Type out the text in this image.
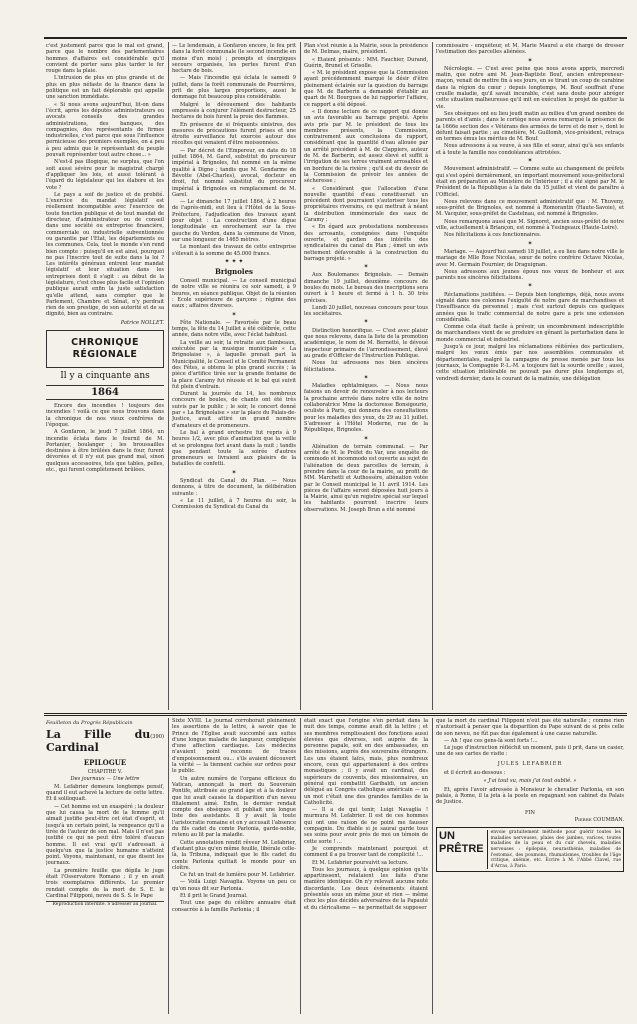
c'est justement parce que le mal est grand, parce que le nombre des parlementaires hommes d'affaires est considérable qu'il convient de porter sans plus tarder le fer rouge dans la plaie.

L'intrusion de plus en plus grande et de plus en plus néfaste de la finance dans la politique est un fait déplorable qui appelle une sanction immédiate.

« Si nous avons aujourd'hui, lit-on dans l'écrit, après les députés administrateurs ou avocats conseils des grandes administrations, des banques, des compagnies, des représentants de firmes industrielles, c'est parce que sous l'influence pernicieuse des premiers exemples, on a peu à peu admis que le représentant du peuple pouvait représenter tout autre chose... »

N'est-il pas illogique, ne surplus, que l'on soit aussi sévère pour le magistrat chargé d'appliquer les lois, et aussi tolérant à l'égard du législateur qui les élabore et les vote ?

Le pays a soif de justice et de probité. L'exercice du mandat législatif est réellement incompatible avec l'exercice de toute fonction publique et de tout mandat de directeur, d'administrateur ou de conseil dans une société ou entreprise financière, commerciale ou industrielle subventionnée ou garantie par l'Etat, les départements ou les communes. Cela, tout le monde s'en rend bien compte : puisqu'il en est ainsi, pourquoi ne pas l'inscrire tout de suite dans la loi ? Les intérêts généraux entrent leur mandat législatif et leur situation dans les entreprises dont il s'agit : au début de la législature, c'est chose plus facile et l'opinion publique aurait enfin la juste satisfaction qu'elle attend, sans compter que le Parlement, Chambre et Sénat, n'y perdrait rien de son prestige, de son autorité et de sa dignité, bien au contraire.

Patrice NOLLET.
CHRONIQUE RÉGIONALE
Il y a cinquante ans
1864

Encore des incendies ! toujours des incendies ! voilà ce que nous trouvons dans la chronique de nos vieux confrères de l'époque.

A Gonfaron, le jeudi 7 juillet 1864, un incendie éclata dans le fournil de M. Portanier, boulanger ; les broussailles destinées à être brûlées dans le four, furent dévorées et il n'y eut pas grand mal, sinon quelques accessoires, tels que tables, pelles, etc., qui furent complètement brûlées.

— Le lendemain, à Gonfaron encore, le feu prit dans la forêt communale (le second incendie en moins d'un mois) ; prompts et énergiques secours organisés, les pertes furent d'un hectare de bois.

— Mais l'incendie qui éclata le samedi 9 juillet, dans la forêt communale de Pourrières, prit de plus larges proportions, aussi le dommage fut beaucoup plus considérable.

Malgré le dévouement des habitants empressés à conjurer l'élément destructeur, 25 hectares de bois furent la proie des flammes.

En présence de si fréquents sinistres, des mesures de précautions furent prises et une étroite surveillance fut exercée autour des récoltes qui venaient d'être moissonnées.

— Par décret de l'Empereur, en date du 18 juillet 1864, M. Garel, substitut du procureur impérial à Brignoles, fut nommé en la même qualité à Digne ; tandis que M. Gendarme de Bévotte (Abel-Charles), avocat, docteur en droit, fut nommé substitut du procureur impérial à Brignoles en remplacement de M. Garel.

— Le dimanche 17 juillet 1864, à 2 heures de l'après-midi, eut lieu à l'Hôtel de la Sous-Préfecture, l'adjudication des travaux ayant pour objet : La construction d'une digue longitudinale en enrochement sur la rive gauche du Verdon, dans la commune de Vinon, sur une longueur de 1465 mètres.

Le montant des travaux de cette entreprise s'élevait à la somme de 45.000 francs.

✦ ✦ ✦
Brignoles

Conseil municipal. — Le conseil municipal de notre ville se réunira ce soir samedi, à 9 heures, en séance publique. Objet de la réunion : Ecole supérieure de garçons ; régime des eaux ; affaires diverses.

✶

Fête Nationale. — Favorisée par le beau temps, la fête du 14 Juillet a été célébrée, cette année, dans notre ville, avec l'éclat habituel.

La veille au soir, la retraite aux flambeaux, exécutée par la musique municipale « La Brignolaise », à laquelle prenait part la Municipalité, le Conseil et le Comité Permanent des Fêtes, a obtenu le plus grand succès ; la pièce d'artifice tirée sur la grande fontaine de la place Caramy fut réussie et le bal qui suivit fut plein d'entrain.

Durant la journée du 14, les nombreux concours de boules, de chants ont été très suivis par le public ; le soir, le concert donné par « La Brignolaise » sur la place du Palais-de-Justice, avait attiré un grand nombre d'amateurs et de promeneurs.

Le bal à grand orchestre fut repris à 9 heures 1/2, avec plus d'animation que la veille et se prolongea fort avant dans la nuit ; tandis que pendant toute la soirée d'autres promeneurs se livraient aux plaisirs de la batailles de confetti.

✶

Syndicat du Canal du Plan. — Nous donnons, à titre de document, la délibération suivante :

« Le 11 juillet, à 7 heures du soir, la Commission du Syndicat du Canal du

Plan s'est réunie à la Mairie, sous la présidence de M. Delmas, maire, président.

« Etaient présents : MM. Fauchier, Durand, Guérin, Brunel et Grisolle.

« M. le président expose que la Commission ayant précédemment marqué le désir d'être pleinement éclairée sur la question du barrage que M. de Barberin a demandé d'établir au quart de M. Bourgues de lui rapporter l'affaire, ce rapport a été déposé.

« Il donne lecture de ce rapport qui donne un avis favorable au barrage projeté. Après avis pris par M. le président de tous les membres présents, la Commission, contrairement aux conclusions du rapport, considérant que la quantité d'eau allouée par un arrêté précédent à M. de Clappiers, auteur de M. de Barberin, est assez élevé et suffit à l'irrigation de ses terres vraiment arrosables et en bordure de la rivière ; qu'il est du devoir de la Commission de prévoir les années de sécheresse ;

« Considérant que l'allocation d'une nouvelle quantité d'eau constituerait un précédent dont pourraient s'autoriser tous les propriétaires riverains, ce qui mettrait à néant la distribution immémoriale des eaux de Caramy ;

« En égard aux protestations nombreuses des arrosants, consignées dans l'enquête ouverte, et gardien des intérêts des syndicataires du canal du Plan ; émet un avis nettement défavorable à la construction du barrage projeté. »

✶

Aux Boulomanes Brignolais. — Demain dimanche 19 juillet, deuxième concours de boules du mois. Le bureau des inscriptions sera ouvert à 1 heure et fermé à 1 h. 30 très précises.

Lundi 20 juillet, nouveau concours pour tous les sociétaires.

✶

Distinction honorifique. — C'est avec plaisir que nous relevons, dans la liste de la promotion académique, le nom de M. Bernetté, le dévoué inspecteur primaire de l'arrondissement, élevé au grade d'Officier de l'Instruction Publique.

Nous lui adressons nos bien sincères félicitations.

✶

Maladies ophtalmiques. — Nous nous faisons un devoir de renouveler à nos lecteurs la prochaine arrivée dans notre ville de notre collaboratrice Mme la doctoresse Bonsigourio, oculiste à Paris, qui donnera des consultations pour les maladies des yeux, du 29 au 31 juillet. S'adresser à l'Hôtel Moderne, rue de la République, Brignoles.

✶

Aliénation de terrain communal. — Par arrêté de M. le Préfet du Var, une enquête de commodo et incommodo est ouverte au sujet de l'aliénation de deux parcelles de terrain, à prendre dans la cour de la mairie, au profit de MM. Marchetti et Authossère, aliénation votée par le Conseil municipal le 11 avril 1914. Les pièces de l'affaire seront déposées huit jours à la Mairie, ainsi qu'un registre spécial sur lequel les habitants pourront inscrire leurs observations. M. Joseph Brun a été nommé

commissaire - enquêteur, et M. Marie Maurel a été chargé de dresser l'estimation des parcelles aliénées.

✶

Nécrologie. — C'est avec peine que nous avons appris, mercredi matin, que notre ami M. Jean-Baptiste Bouf, ancien entrepreneur-maçon, venait de mettre fin à ses jours, en se tirant un coup de carabine dans la région du cœur ; depuis longtemps, M. Bouf souffrait d'une cruelle maladie, qu'il savait incurable, c'est sans doute pour abréger cette situation malheureuse qu'il mit en exécution le projet de quitter la vie.

Ses obsèques ont eu lieu jeudi matin au milieu d'un grand nombre de parents et d'amis ; dans le cortège nous avons remarqué la présence de la 1666e section des « Vétérans des armées de terre et de mer », dont le défunt faisait partie ; au cimetière, M. Guillomh, vice-président, retraça en termes émus les mérites de M. Bouf.

Nous adressons à sa veuve, à ses fille et sœur, ainsi qu'à ses enfants et à toute la famille nos condoléances attristées.

✶

Mouvement administratif. — Comme suite au changement de préfets qui s'est opéré dernièrement, un important mouvement sous-préfectoral était en préparation au Ministère de l'Intérieur ; il a été signé par M. le Président de la République à la date du 15 juillet et vient de paraître à l'Officiel.

Nous relevons dans ce mouvement administratif que : M. Thuveny, sous-préfet de Brignoles, est nommé à Romorantin (Haute-Savoie), et M. Vacquier, sous-préfet de Castelnau, est nommé à Brignoles.

Nous remarquons aussi que M. Signoret, ancien sous-préfet de notre ville, actuellement à Briançon, est nommé à Yssingeaux (Haute-Loire).

Nos félicitations à ces fonctionnaires.

✶

Mariage. — Aujourd'hui samedi 18 juillet, a eu lieu dans notre ville le mariage de Mlle Rose Nicolas, sœur de notre confrère Octave Nicolas, avec M. Germain Fournier, de Draguignan.

Nous adressons aux jeunes époux nos vœux de bonheur et aux parents nos sincères félicitations.

✶

Réclamations justifiées. — Depuis bien longtemps, déjà, nous avons signalé dans nos colonnes l'exiguïté de notre gare de marchandises et l'insuffisance du personnel ; mais c'est surtout depuis ces quelques années que le trafic commercial de notre gare a pris une extension considérable.

Comme cela était facile à prévoir, un encombrement indescriptible de marchandises vient de se produire en gênant la perturbation dans le monde commercial et industriel.

Jusqu'à ce jour, malgré les réclamations réitérées des particuliers, malgré les vœux émis par nos assemblées communales et départementales, malgré la campagne de presse menée par tous les journaux, la Compagnie P.-L.-M. a toujours fait la sourde oreille ; aussi, cette situation intolérable ne pouvait pas durer plus longtemps et, vendredi dernier, dans le courant de la matinée, une délégation

Feuilleton du Progrès Républicain
La Fille du Cardinal
(390)
EPILOGUE
CHAPITRE V.
Des journaux — Une lettre

M. Lefabrier demeura longtemps pensif, quand il eut achevé la lecture de cette lettre. Et il soliloquait.

— Cet homme est un exaspéré ; la douleur que lui causa la mort de la femme qu'il aimait justifie peut-être cet état d'esprit, et jusqu'à un certain point, la vengeance qu'il a tirée de l'auteur de son mal. Mais il n'est pas justifié ce qui ne peut être toléré d'aucun homme. Il est vrai qu'il s'adressait à quelqu'un que la justice humaine n'atteint point. Voyons, maintenant, ce que disent les journaux.

La première feuille que dépila le juge était l'Osservatore Romano ; il y en avait trois exemplaires différents. Le premier rendait compte de la mort de S. E. le Cardinal Filipponi, neveu de S. S. le Pape

Reproduction interdite. S'adresser au journal.

Sixte XVIII. Le journal corroborait pleinement les assertions de la lettre, à savoir que le Prince de l'Eglise avait succombé aux suites d'une longue maladie de langueur, compliquée d'une affection cardiaque. Les médecins n'avaient point reconnu de traces d'empoisonnement ou... s'ils avaient découvert la vérité — la tiennent cachée sur ordres pour le public.

Un autre numéro de l'organe officieux du Vatican, annonçait la mort du Souverain Pontife, attribuée au grand âge et à la douleur que lui avait causée la disparition d'un neveu filialement aimé. Enfin, le dernier rendait compte des obsèques et publiait une longue liste des assistants. Il y avait là toute l'aristocratie romaine et on y accusait l'absence du fils cadet du comte Parlonia, garde-noble, retenu au lit par la maladie.

Cette annotation rendit rêveur M. Lefabrier, d'autant plus qu'en même feuille, libérale celle-là, la Tribuna, indiquait que le fils cadet du comte Parlonia quittait le monde pour un cloître.

Ce fut un trait de lumière pour M. Lefabrier.

— Voilà Luigi Navaglia. Voyons un peu ce qu'on nous dit sur Parlonia.

Et il prit le Grand Journal.

Tout une page du célèbre annuaire était consacrée à la famille Parlonia ; il

était exact que l'origine s'en perdait dans la nuit des temps, comme avait dit la lettre ; et ses membres remplissaient des fonctions aussi élevées que diverses, soit auprès de la personne papale, soit en des ambassades, en des missions, auprès des souverains étrangers. Les uns étaient laïcs, mais, plus nombreux encore, ceux qui appartenaient à des ordres monastiques ; il y avait un cardinal, des supérieurs de couvents, des missionnaires, un général qui combattit Garibaldi, un ancien délégué au Congrès catholique américain — en un mot c'était une des grandes familles de la Catholicité.

— Il a de qui tenir, Luigi Navaglia ! murmura M. Lefabrier. Il est de ces hommes qui ont une raison de ne point me fausser compagnie. Du diable si je saurai garde tous ses soins pour avoir près de moi un témoin de cette sorte ! ...

Je comprends maintenant pourquoi et comment il a pu trouver tant de complicité !...

Et M. Lefabrier poursuivit sa lecture.

Tous les journaux, à quelque opinion qu'ils appartinssent, relataient les faits d'une manière identique. On n'y relevait aucune note discordante. Les deux événements étaient présentés sous un même jour et rien — même chez les plus décidés adversaires de la Papauté et du cléricalisme — ne permettait de supposer

que la mort du cardinal Filipponi n'eût pas été naturelle ; comme rien n'autorisait à penser que la disparition du Pape suivant de si près celle de son neveu, ne fût pas due également à une cause naturelle.

— Ah ! que ces gens-là sont forts !...

Le juge d'instruction réfléchit un moment, puis il prit, dans un casier, une de ses cartes de visite :

JULES LEFABRIER

et il écrivit au-dessous :

« J'ai tout su, mais j'ai tout oublié. »

Et, après l'avoir adressée à Monsieur le chevalier Parlonia, en son palais, à Rome, il la jeta à la poste en regagnant son cabinet du Palais de Justice.

FIN
Pierre COUMBAN.
UN PRÊTRE
envoie gratuitement méthode pour guérir toutes les maladies nerveuses, plaies des jambes, varices, toutes maladies de la peau et du cuir chevelu, maladies nerveuses : épilepsie, neurasthénie, maladies de l'estomac, des poumons, rhumatismes, troubles de l'âge critique, anémie, etc. Ecrire à M. l'Abbé Clavel, rue d'Arras, à Paris.
